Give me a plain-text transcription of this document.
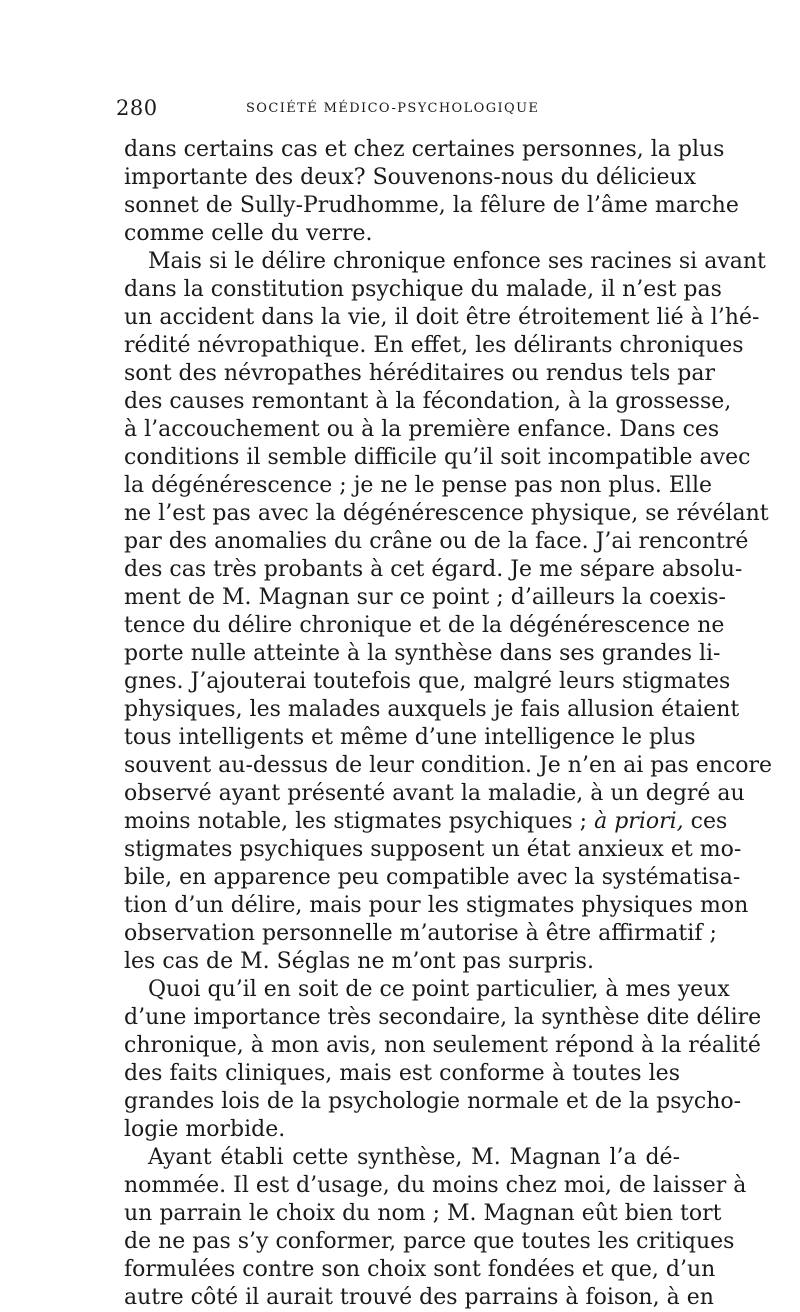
280	SOCIÉTÉ MÉDICO-PSYCHOLOGIQUE
dans certains cas et chez certaines personnes, la plus
importante des deux? Souvenons-nous du délicieux
sonnet de Sully-Prudhomme, la fêlure de l’âme marche
comme celle du verre.
Mais si le délire chronique enfonce ses racines si avant
dans la constitution psychique du malade, il n’est pas
un accident dans la vie, il doit être étroitement lié à l’hé-
rédité névropathique. En effet, les délirants chroniques
sont des névropathes héréditaires ou rendus tels par
des causes remontant à la fécondation, à la grossesse,
à l’accouchement ou à la première enfance. Dans ces
conditions il semble difficile qu’il soit incompatible avec
la dégénérescence ; je ne le pense pas non plus. Elle
ne l’est pas avec la dégénérescence physique, se révélant
par des anomalies du crâne ou de la face. J’ai rencontré
des cas très probants à cet égard. Je me sépare absolu-
ment de M. Magnan sur ce point ; d’ailleurs la coexis-
tence du délire chronique et de la dégénérescence ne
porte nulle atteinte à la synthèse dans ses grandes li-
gnes. J’ajouterai toutefois que, malgré leurs stigmates
physiques, les malades auxquels je fais allusion étaient
tous intelligents et même d’une intelligence le plus
souvent au-dessus de leur condition. Je n’en ai pas encore
observé ayant présenté avant la maladie, à un degré au
moins notable, les stigmates psychiques ; à priori, ces
stigmates psychiques supposent un état anxieux et mo-
bile, en apparence peu compatible avec la systématisa-
tion d’un délire, mais pour les stigmates physiques mon
observation personnelle m’autorise à être affirmatif ;
les cas de M. Séglas ne m’ont pas surpris.
Quoi qu’il en soit de ce point particulier, à mes yeux
d’une importance très secondaire, la synthèse dite délire
chronique, à mon avis, non seulement répond à la réalité
des faits cliniques, mais est conforme à toutes les
grandes lois de la psychologie normale et de la psycho-
logie morbide.
Ayant établi cette synthèse, M. Magnan l’a dé-
nommée. Il est d’usage, du moins chez moi, de laisser à
un parrain le choix du nom ; M. Magnan eût bien tort
de ne pas s’y conformer, parce que toutes les critiques
formulées contre son choix sont fondées et que, d’un
autre côté il aurait trouvé des parrains à foison, à en
